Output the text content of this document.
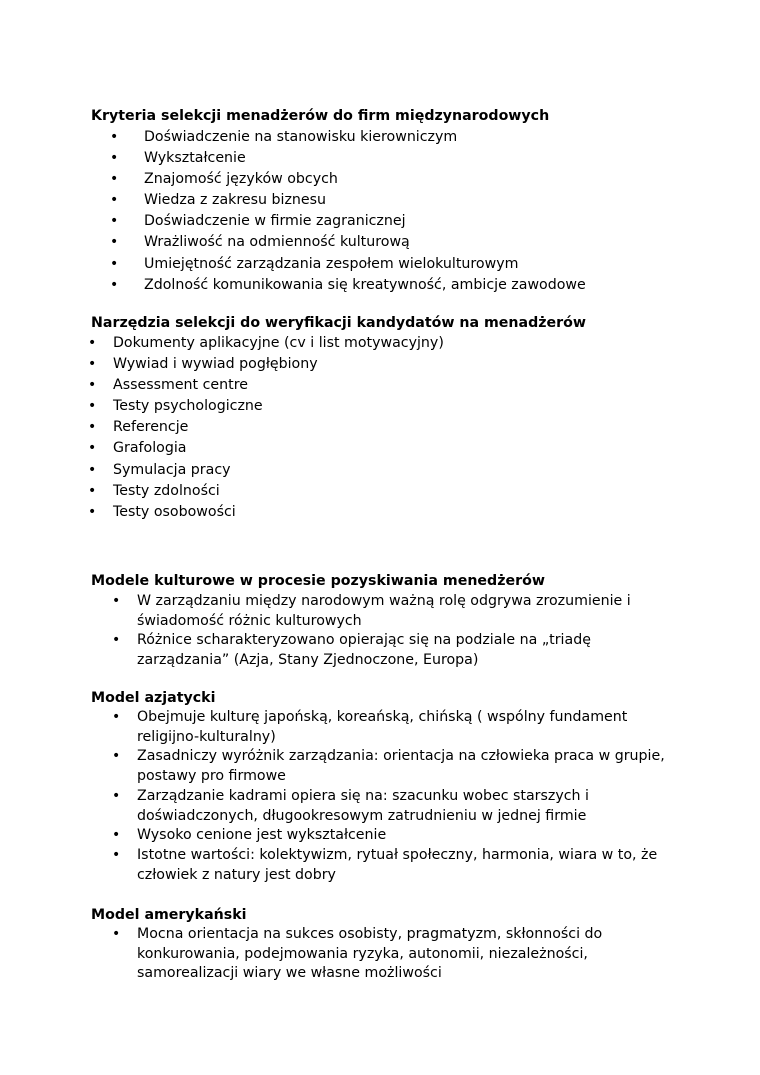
Kryteria selekcji menadżerów do firm międzynarodowych
• Doświadczenie na stanowisku kierowniczym
• Wykształcenie
• Znajomość języków obcych
• Wiedza z zakresu biznesu
• Doświadczenie w firmie zagranicznej
• Wrażliwość na odmienność kulturową
• Umiejętność zarządzania zespołem wielokulturowym
• Zdolność komunikowania się kreatywność, ambicje zawodowe
Narzędzia selekcji do weryfikacji kandydatów na menadżerów
• Dokumenty aplikacyjne (cv i list motywacyjny)
• Wywiad i wywiad pogłębiony
• Assessment centre
• Testy psychologiczne
• Referencje
• Grafologia
• Symulacja pracy
• Testy zdolności
• Testy osobowości
Modele kulturowe w procesie pozyskiwania menedżerów
• W zarządzaniu między narodowym ważną rolę odgrywa zrozumienie i
świadomość różnic kulturowych
• Różnice scharakteryzowano opierając się na podziale na „triadę
zarządzania” (Azja, Stany Zjednoczone, Europa)
Model azjatycki
• Obejmuje kulturę japońską, koreańską, chińską ( wspólny fundament
religijno-kulturalny)
• Zasadniczy wyróżnik zarządzania: orientacja na człowieka praca w grupie,
postawy pro firmowe
• Zarządzanie kadrami opiera się na: szacunku wobec starszych i
doświadczonych, długookresowym zatrudnieniu w jednej firmie
• Wysoko cenione jest wykształcenie
• Istotne wartości: kolektywizm, rytuał społeczny, harmonia, wiara w to, że
człowiek z natury jest dobry
Model amerykański
• Mocna orientacja na sukces osobisty, pragmatyzm, skłonności do
konkurowania, podejmowania ryzyka, autonomii, niezależności,
samorealizacji wiary we własne możliwości
